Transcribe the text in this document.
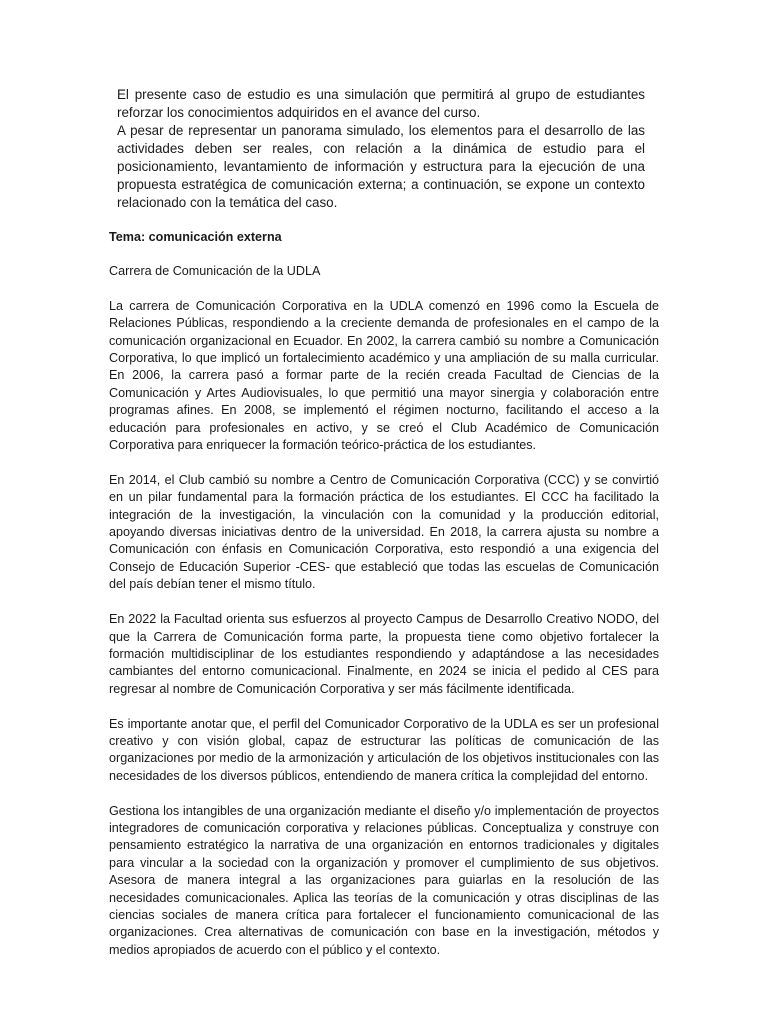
El presente caso de estudio es una simulación que permitirá al grupo de estudiantes reforzar los conocimientos adquiridos en el avance del curso.

A pesar de representar un panorama simulado, los elementos para el desarrollo de las actividades deben ser reales, con relación a la dinámica de estudio para el posicionamiento, levantamiento de información y estructura para la ejecución de una propuesta estratégica de comunicación externa; a continuación, se expone un contexto relacionado con la temática del caso.

Tema: comunicación externa

Carrera de Comunicación de la UDLA

La carrera de Comunicación Corporativa en la UDLA comenzó en 1996 como la Escuela de Relaciones Públicas, respondiendo a la creciente demanda de profesionales en el campo de la comunicación organizacional en Ecuador. En 2002, la carrera cambió su nombre a Comunicación Corporativa, lo que implicó un fortalecimiento académico y una ampliación de su malla curricular. En 2006, la carrera pasó a formar parte de la recién creada Facultad de Ciencias de la Comunicación y Artes Audiovisuales, lo que permitió una mayor sinergia y colaboración entre programas afines. En 2008, se implementó el régimen nocturno, facilitando el acceso a la educación para profesionales en activo, y se creó el Club Académico de Comunicación Corporativa para enriquecer la formación teórico-práctica de los estudiantes.

En 2014, el Club cambió su nombre a Centro de Comunicación Corporativa (CCC) y se convirtió en un pilar fundamental para la formación práctica de los estudiantes. El CCC ha facilitado la integración de la investigación, la vinculación con la comunidad y la producción editorial, apoyando diversas iniciativas dentro de la universidad. En 2018, la carrera ajusta su nombre a Comunicación con énfasis en Comunicación Corporativa, esto respondió a una exigencia del Consejo de Educación Superior -CES- que estableció que todas las escuelas de Comunicación del país debían tener el mismo título.

En 2022 la Facultad orienta sus esfuerzos al proyecto Campus de Desarrollo Creativo NODO, del que la Carrera de Comunicación forma parte, la propuesta tiene como objetivo fortalecer la formación multidisciplinar de los estudiantes respondiendo y adaptándose a las necesidades cambiantes del entorno comunicacional. Finalmente, en 2024 se inicia el pedido al CES para regresar al nombre de Comunicación Corporativa y ser más fácilmente identificada.

Es importante anotar que, el perfil del Comunicador Corporativo de la UDLA es ser un profesional creativo y con visión global, capaz de estructurar las políticas de comunicación de las organizaciones por medio de la armonización y articulación de los objetivos institucionales con las necesidades de los diversos públicos, entendiendo de manera crítica la complejidad del entorno.

Gestiona los intangibles de una organización mediante el diseño y/o implementación de proyectos integradores de comunicación corporativa y relaciones públicas. Conceptualiza y construye con pensamiento estratégico la narrativa de una organización en entornos tradicionales y digitales para vincular a la sociedad con la organización y promover el cumplimiento de sus objetivos. Asesora de manera integral a las organizaciones para guiarlas en la resolución de las necesidades comunicacionales. Aplica las teorías de la comunicación y otras disciplinas de las ciencias sociales de manera crítica para fortalecer el funcionamiento comunicacional de las organizaciones. Crea alternativas de comunicación con base en la investigación, métodos y medios apropiados de acuerdo con el público y el contexto.
